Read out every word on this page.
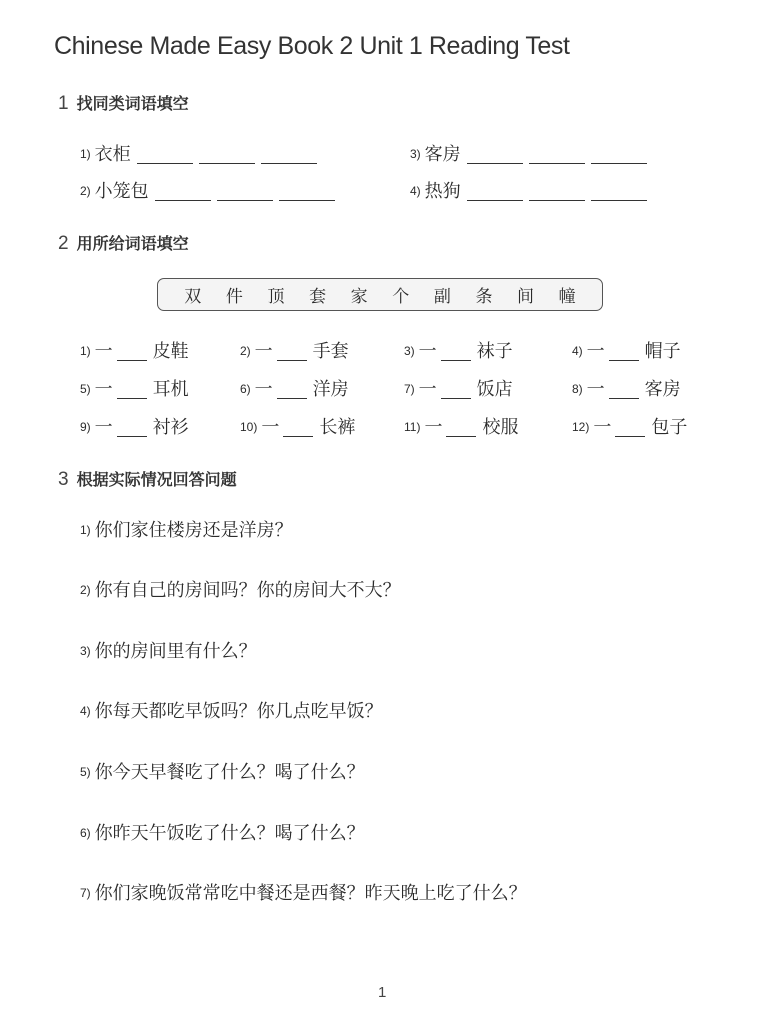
Chinese Made Easy Book 2 Unit 1 Reading Test
1 找同类词语填空
1) 衣柜
2) 小笼包
3) 客房
4) 热狗
2 用所给词语填空
双 件 顶 套 家 个 副 条 间 幢
1) 一 皮鞋	2) 一 手套	3) 一 袜子	4) 一 帽子
5) 一 耳机	6) 一 洋房	7) 一 饭店	8) 一 客房
9) 一 衬衫	10) 一 长裤	11) 一 校服	12) 一 包子
3 根据实际情况回答问题
1) 你们家住楼房还是洋房？
2) 你有自己的房间吗？你的房间大不大？
3) 你的房间里有什么？
4) 你每天都吃早饭吗？你几点吃早饭？
5) 你今天早餐吃了什么？喝了什么？
6) 你昨天午饭吃了什么？喝了什么？
7) 你们家晚饭常常吃中餐还是西餐？昨天晚上吃了什么？
1
